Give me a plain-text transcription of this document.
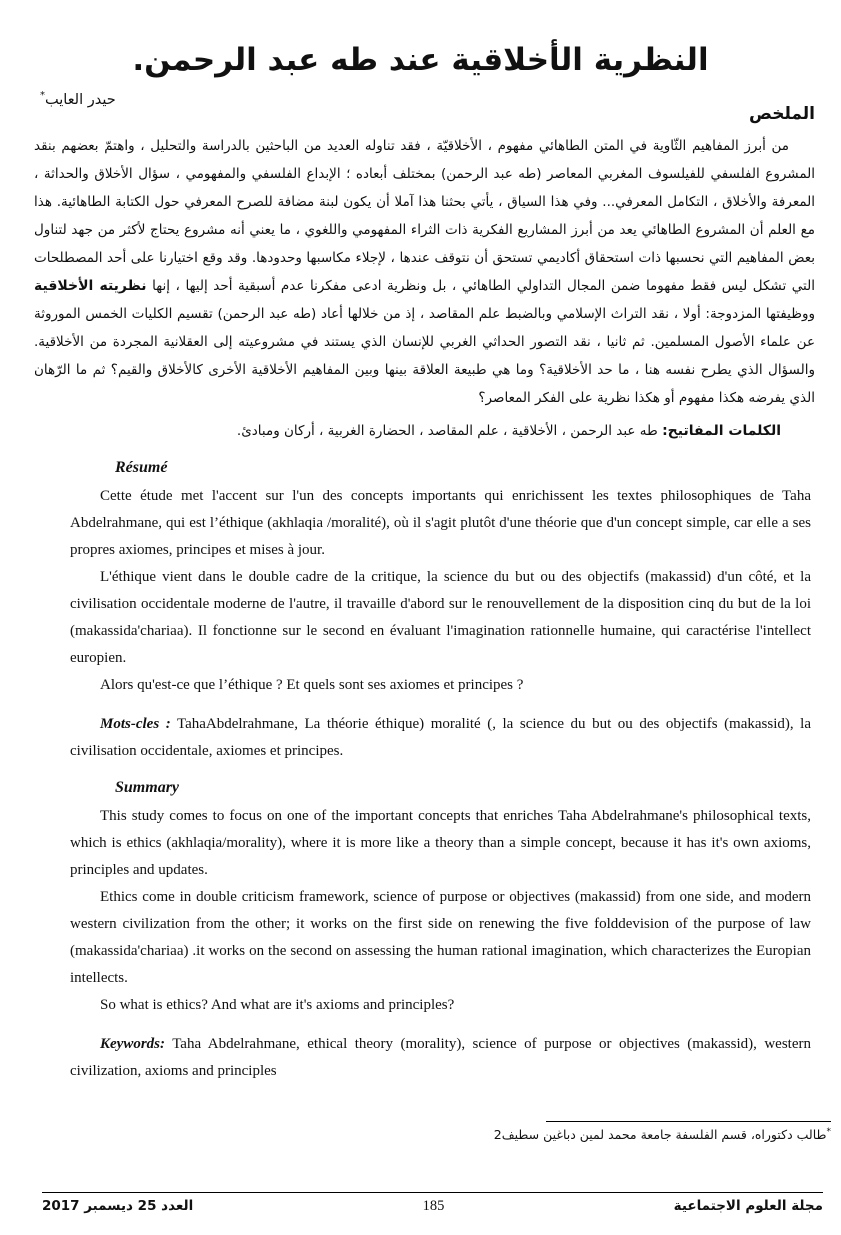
النظرية الأخلاقية عند طه عبد الرحمن.
حيدر العايب*
الملخص
من أبرز المفاهيم الثّاوية في المتن الطاهائي مفهوم ، الأخلاقيّة ، فقد تناوله العديد من الباحثين بالدراسة والتحليل ، واهتمّ بعضهم بنقد المشروع الفلسفي للفيلسوف المغربي المعاصر (طه عبد الرحمن) بمختلف أبعاده ؛ الإبداع الفلسفي والمفهومي ، سؤال الأخلاق والحداثة ، المعرفة والأخلاق ، التكامل المعرفي... وفي هذا السياق ، يأتي بحثنا هذا آملا أن يكون لبنة مضافة للصرح المعرفي حول الكتابة الطاهائية. هذا مع العلم أن المشروع الطاهائي يعد من أبرز المشاريع الفكرية ذات الثراء المفهومي واللغوي ، ما يعني أنه مشروع يحتاج لأكثر من جهد لتناول بعض المفاهيم التي نحسبها ذات استحقاق أكاديمي تستحق أن نتوقف عندها ، لإجلاء مكاسبها وحدودها. وقد وقع اختيارنا على أحد المصطلحات التي تشكل ليس فقط مفهوما ضمن المجال التداولي الطاهائي ، بل ونظرية ادعى مفكرنا عدم أسبقية أحد إليها ، إنها نظريته الأخلاقية ووظيفتها المزدوجة: أولا ، نقد التراث الإسلامي وبالضبط علم المقاصد ، إذ من خلالها أعاد (طه عبد الرحمن) تقسيم الكليات الخمس الموروثة عن علماء الأصول المسلمين. ثم ثانيا ، نقد التصور الحداثي الغربي للإنسان الذي يستند في مشروعيته إلى العقلانية المجردة من الأخلاقية. والسؤال الذي يطرح نفسه هنا ، ما حد الأخلاقية؟ وما هي طبيعة العلاقة بينها وبين المفاهيم الأخلاقية الأخرى كالأخلاق والقيم؟ ثم ما الرّهان الذي يفرضه هكذا مفهوم أو هكذا نظرية على الفكر المعاصر؟
الكلمات المفاتيح: طه عبد الرحمن ، الأخلاقية ، علم المقاصد ، الحضارة الغربية ، أركان ومبادئ.
Résumé

Cette étude met l'accent sur l'un des concepts importants qui enrichissent les textes philosophiques de Taha Abdelrahmane, qui est l’éthique (akhlaqia /moralité), où il s'agit plutôt d'une théorie que d'un concept simple, car elle a ses propres axiomes, principes et mises à jour.

L'éthique vient dans le double cadre de la critique, la science du but ou des objectifs (makassid) d'un côté, et la civilisation occidentale moderne de l'autre, il travaille d'abord sur le renouvellement de la disposition cinq du but de la loi (makassida'chariaa). Il fonctionne sur le second en évaluant l'imagination rationnelle humaine, qui caractérise l'intellect europien.

Alors qu'est-ce que l’éthique ? Et quels sont ses axiomes et principes ?

Mots-cles : TahaAbdelrahmane, La théorie éthique) moralité (, la science du but ou des objectifs (makassid), la civilisation occidentale, axiomes et principes.

Summary

This study comes to focus on one of the important concepts that enriches Taha Abdelrahmane's philosophical texts, which is ethics (akhlaqia/morality), where it is more like a theory than a simple concept, because it has it's own axioms, principles and updates.

Ethics come in double criticism framework, science of purpose or objectives (makassid) from one side, and modern western civilization from the other; it works on the first side on renewing the five folddevision of the purpose of law (makassida'chariaa) .it works on the second on assessing the human rational imagination, which characterizes the Europian intellects.

So what is ethics? And what are it's axioms and principles?

Keywords: Taha Abdelrahmane, ethical theory (morality), science of purpose or objectives (makassid), western civilization, axioms and principles

*طالب دكتوراه، قسم الفلسفة جامعة محمد لمين دباغين سطيف2
العدد 25 ديسمبر 2017	185	مجلة العلوم الاجتماعية
